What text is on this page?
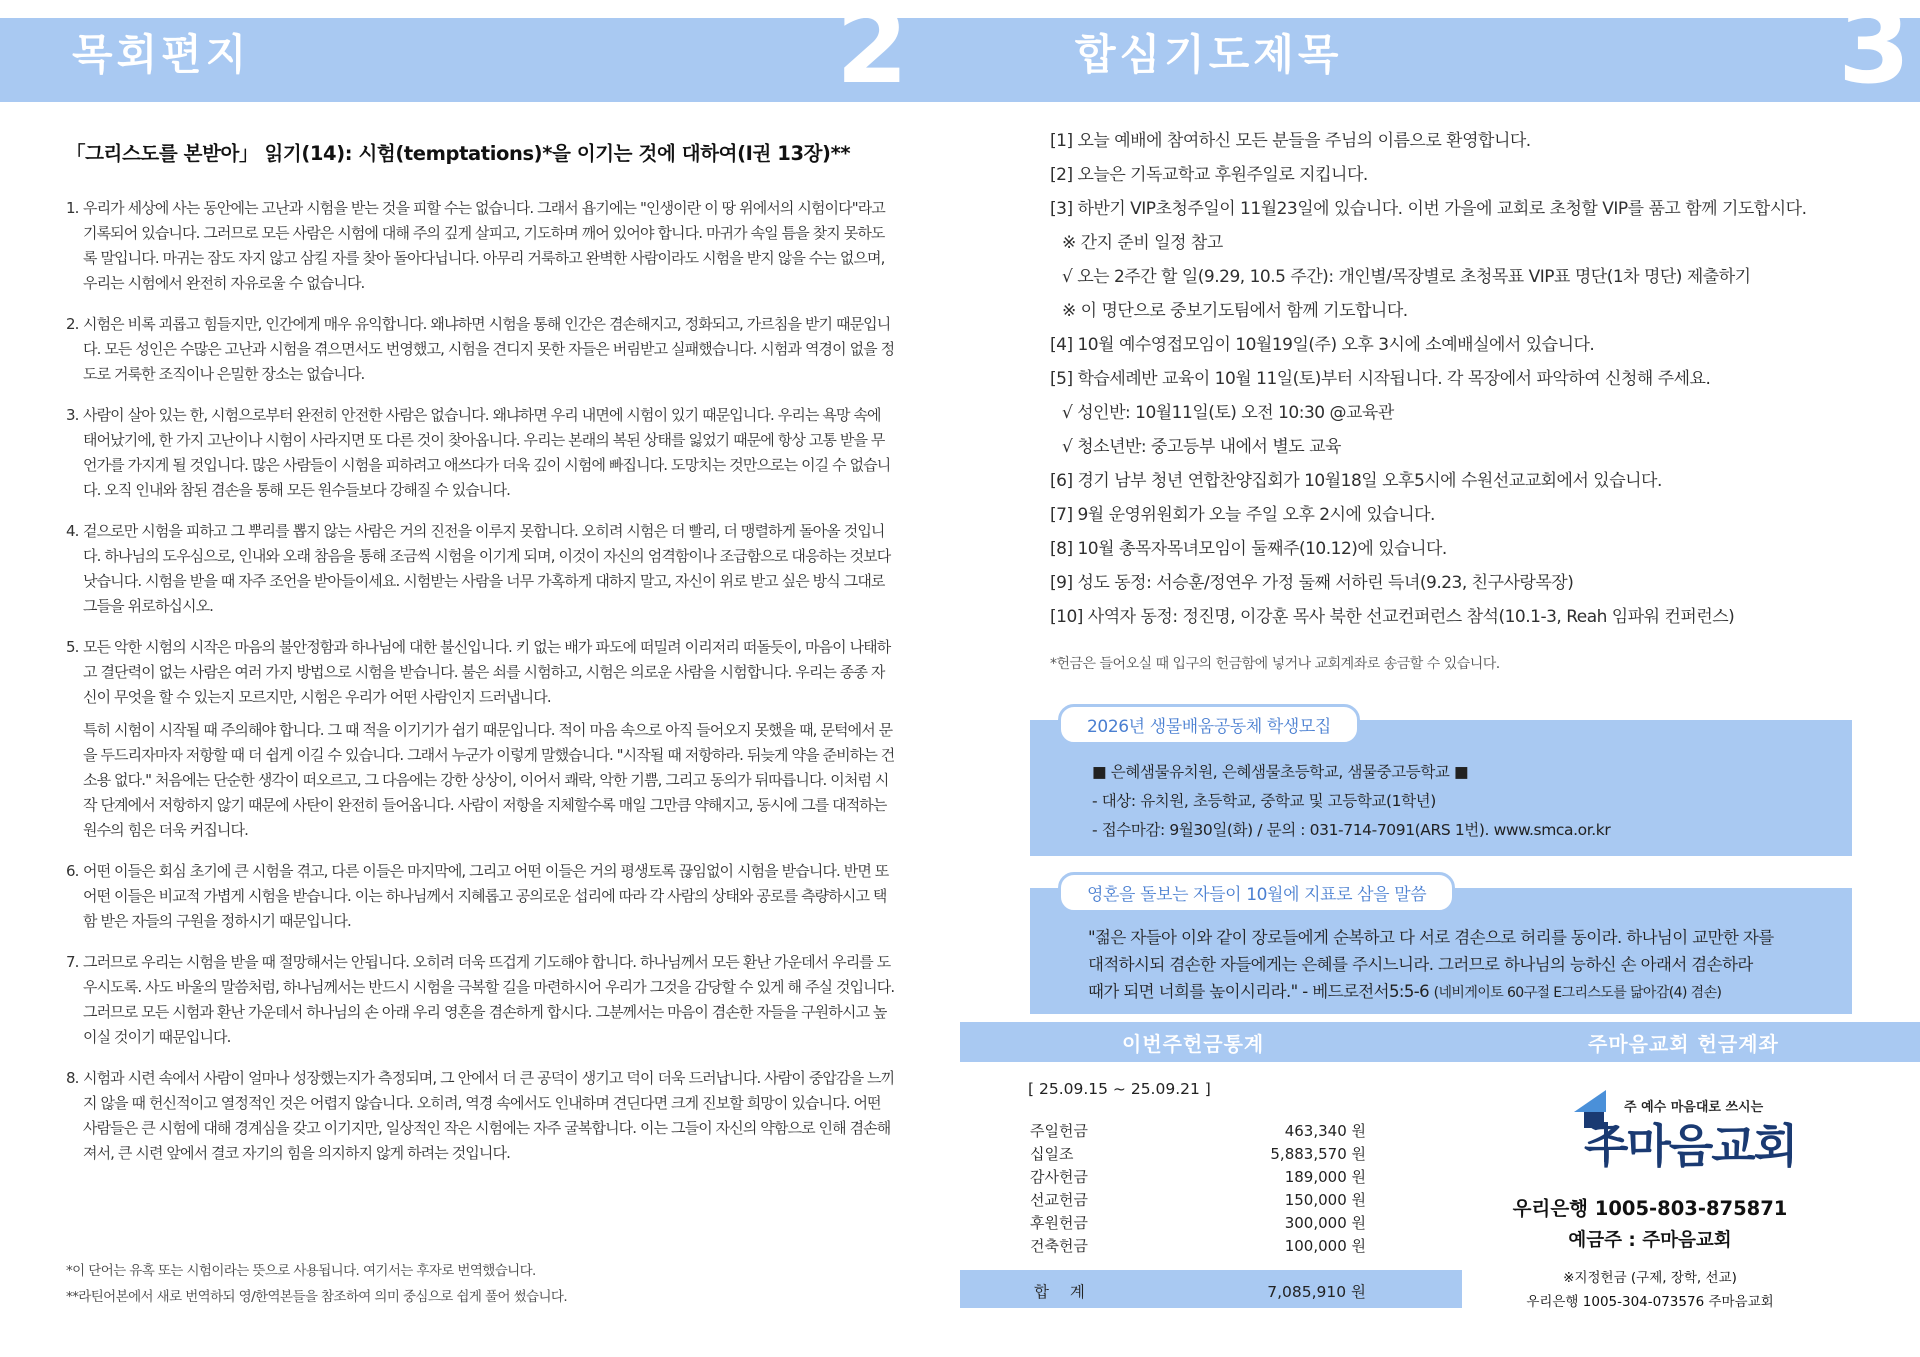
목회편지	2
「그리스도를 본받아」 읽기(14): 시험(temptations)*을 이기는 것에 대하여(I권 13장)**
1. 우리가 세상에 사는 동안에는 고난과 시험을 받는 것을 피할 수는 없습니다. 그래서 욥기에는 "인생이란 이 땅 위에서의 시험이다"라고 기록되어 있습니다. 그러므로 모든 사람은 시험에 대해 주의 깊게 살피고, 기도하며 깨어 있어야 합니다. 마귀가 속일 틈을 찾지 못하도록 말입니다. 마귀는 잠도 자지 않고 삼킬 자를 찾아 돌아다닙니다. 아무리 거룩하고 완벽한 사람이라도 시험을 받지 않을 수는 없으며, 우리는 시험에서 완전히 자유로울 수 없습니다.
2. 시험은 비록 괴롭고 힘들지만, 인간에게 매우 유익합니다. 왜냐하면 시험을 통해 인간은 겸손해지고, 정화되고, 가르침을 받기 때문입니다. 모든 성인은 수많은 고난과 시험을 겪으면서도 번영했고, 시험을 견디지 못한 자들은 버림받고 실패했습니다. 시험과 역경이 없을 정도로 거룩한 조직이나 은밀한 장소는 없습니다.
3. 사람이 살아 있는 한, 시험으로부터 완전히 안전한 사람은 없습니다. 왜냐하면 우리 내면에 시험이 있기 때문입니다. 우리는 욕망 속에 태어났기에, 한 가지 고난이나 시험이 사라지면 또 다른 것이 찾아옵니다. 우리는 본래의 복된 상태를 잃었기 때문에 항상 고통 받을 무언가를 가지게 될 것입니다. 많은 사람들이 시험을 피하려고 애쓰다가 더욱 깊이 시험에 빠집니다. 도망치는 것만으로는 이길 수 없습니다. 오직 인내와 참된 겸손을 통해 모든 원수들보다 강해질 수 있습니다.
4. 겉으로만 시험을 피하고 그 뿌리를 뽑지 않는 사람은 거의 진전을 이루지 못합니다. 오히려 시험은 더 빨리, 더 맹렬하게 돌아올 것입니다. 하나님의 도우심으로, 인내와 오래 참음을 통해 조금씩 시험을 이기게 되며, 이것이 자신의 엄격함이나 조급함으로 대응하는 것보다 낫습니다. 시험을 받을 때 자주 조언을 받아들이세요. 시험받는 사람을 너무 가혹하게 대하지 말고, 자신이 위로 받고 싶은 방식 그대로 그들을 위로하십시오.
5. 모든 악한 시험의 시작은 마음의 불안정함과 하나님에 대한 불신입니다. 키 없는 배가 파도에 떠밀려 이리저리 떠돌듯이, 마음이 나태하고 결단력이 없는 사람은 여러 가지 방법으로 시험을 받습니다. 불은 쇠를 시험하고, 시험은 의로운 사람을 시험합니다. 우리는 종종 자신이 무엇을 할 수 있는지 모르지만, 시험은 우리가 어떤 사람인지 드러냅니다.
특히 시험이 시작될 때 주의해야 합니다. 그 때 적을 이기기가 쉽기 때문입니다. 적이 마음 속으로 아직 들어오지 못했을 때, 문턱에서 문을 두드리자마자 저항할 때 더 쉽게 이길 수 있습니다. 그래서 누군가 이렇게 말했습니다. "시작될 때 저항하라. 뒤늦게 약을 준비하는 건 소용 없다." 처음에는 단순한 생각이 떠오르고, 그 다음에는 강한 상상이, 이어서 쾌락, 악한 기쁨, 그리고 동의가 뒤따릅니다. 이처럼 시작 단계에서 저항하지 않기 때문에 사탄이 완전히 들어옵니다. 사람이 저항을 지체할수록 매일 그만큼 약해지고, 동시에 그를 대적하는 원수의 힘은 더욱 커집니다.
6. 어떤 이들은 회심 초기에 큰 시험을 겪고, 다른 이들은 마지막에, 그리고 어떤 이들은 거의 평생토록 끊임없이 시험을 받습니다. 반면 또 어떤 이들은 비교적 가볍게 시험을 받습니다. 이는 하나님께서 지혜롭고 공의로운 섭리에 따라 각 사람의 상태와 공로를 측량하시고 택함 받은 자들의 구원을 정하시기 때문입니다.
7. 그러므로 우리는 시험을 받을 때 절망해서는 안됩니다. 오히려 더욱 뜨겁게 기도해야 합니다. 하나님께서 모든 환난 가운데서 우리를 도우시도록. 사도 바울의 말씀처럼, 하나님께서는 반드시 시험을 극복할 길을 마련하시어 우리가 그것을 감당할 수 있게 해 주실 것입니다. 그러므로 모든 시험과 환난 가운데서 하나님의 손 아래 우리 영혼을 겸손하게 합시다. 그분께서는 마음이 겸손한 자들을 구원하시고 높이실 것이기 때문입니다.
8. 시험과 시련 속에서 사람이 얼마나 성장했는지가 측정되며, 그 안에서 더 큰 공덕이 생기고 덕이 더욱 드러납니다. 사람이 중압감을 느끼지 않을 때 헌신적이고 열정적인 것은 어렵지 않습니다. 오히려, 역경 속에서도 인내하며 견딘다면 크게 진보할 희망이 있습니다. 어떤 사람들은 큰 시험에 대해 경계심을 갖고 이기지만, 일상적인 작은 시험에는 자주 굴복합니다. 이는 그들이 자신의 약함으로 인해 겸손해져서, 큰 시련 앞에서 결코 자기의 힘을 의지하지 않게 하려는 것입니다.
*이 단어는 유혹 또는 시험이라는 뜻으로 사용됩니다. 여기서는 후자로 번역했습니다.
**라틴어본에서 새로 번역하되 영/한역본들을 참조하여 의미 중심으로 쉽게 풀어 썼습니다.
합심기도제목	3
[1] 오늘 예배에 참여하신 모든 분들을 주님의 이름으로 환영합니다.
[2] 오늘은 기독교학교 후원주일로 지킵니다.
[3] 하반기 VIP초청주일이 11월23일에 있습니다. 이번 가을에 교회로 초청할 VIP를 품고 함께 기도합시다.
※ 간지 준비 일정 참고
√ 오는 2주간 할 일(9.29, 10.5 주간): 개인별/목장별로 초청목표 VIP표 명단(1차 명단) 제출하기
※ 이 명단으로 중보기도팀에서 함께 기도합니다.
[4] 10월 예수영접모임이 10월19일(주) 오후 3시에 소예배실에서 있습니다.
[5] 학습세례반 교육이 10월 11일(토)부터 시작됩니다. 각 목장에서 파악하여 신청해 주세요.
√ 성인반: 10월11일(토) 오전 10:30 @교육관
√ 청소년반: 중고등부 내에서 별도 교육
[6] 경기 남부 청년 연합찬양집회가 10월18일 오후5시에 수원선교교회에서 있습니다.
[7] 9월 운영위원회가 오늘 주일 오후 2시에 있습니다.
[8] 10월 총목자목녀모임이 둘째주(10.12)에 있습니다.
[9] 성도 동정: 서승훈/정연우 가정 둘째 서하린 득녀(9.23, 친구사랑목장)
[10] 사역자 동정: 정진명, 이강훈 목사 북한 선교컨퍼런스 참석(10.1-3, Reah 임파워 컨퍼런스)
*헌금은 들어오실 때 입구의 헌금함에 넣거나 교회계좌로 송금할 수 있습니다.
2026년 생물배움공동체 학생모집
■ 은혜샘물유치원, 은혜샘물초등학교, 샘물중고등학교 ■
- 대상: 유치원, 초등학교, 중학교 및 고등학교(1학년)
- 접수마감: 9월30일(화) / 문의 : 031-714-7091(ARS 1번). www.smca.or.kr
영혼을 돌보는 자들이 10월에 지표로 삼을 말씀
"젊은 자들아 이와 같이 장로들에게 순복하고 다 서로 겸손으로 허리를 동이라. 하나님이 교만한 자를
대적하시되 겸손한 자들에게는 은혜를 주시느니라. 그러므로 하나님의 능하신 손 아래서 겸손하라
때가 되면 너희를 높이시리라." - 베드로전서5:5-6 (네비게이토 60구절 E그리스도를 닮아감(4) 겸손)
이번주헌금통계	주마음교회 헌금계좌
[ 25.09.15 ~ 25.09.21 ]
주일헌금	463,340 원
십일조	5,883,570 원
감사헌금	189,000 원
선교헌금	150,000 원
후원헌금	300,000 원
건축헌금	100,000 원
합 계	7,085,910 원
주 예수 마음대로 쓰시는
주마음교회
우리은행 1005-803-875871
예금주 : 주마음교회
※지정헌금 (구제, 장학, 선교)
우리은행 1005-304-073576 주마음교회
